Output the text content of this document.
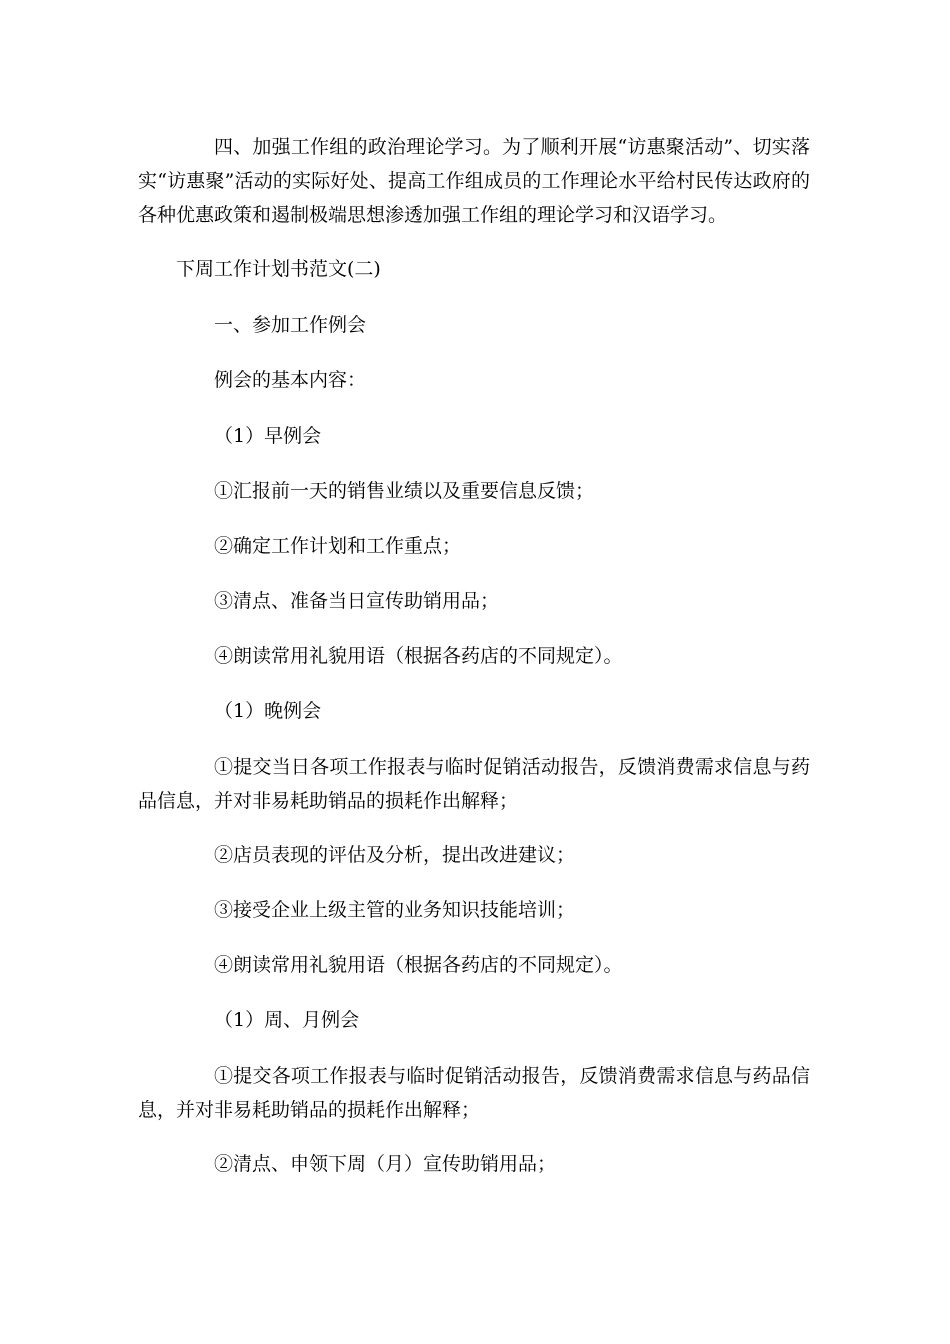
四、加强工作组的政治理论学习。为了顺利开展“访惠聚活动”、切实落实“访惠聚”活动的实际好处、提高工作组成员的工作理论水平给村民传达政府的各种优惠政策和遏制极端思想渗透加强工作组的理论学习和汉语学习。

下周工作计划书范文(二)

一、参加工作例会

例会的基本内容：

（1）早例会

①汇报前一天的销售业绩以及重要信息反馈；

②确定工作计划和工作重点；

③清点、准备当日宣传助销用品；

④朗读常用礼貌用语（根据各药店的不同规定）。

（1）晚例会

①提交当日各项工作报表与临时促销活动报告，反馈消费需求信息与药品信息，并对非易耗助销品的损耗作出解释；

②店员表现的评估及分析，提出改进建议；

③接受企业上级主管的业务知识技能培训；

④朗读常用礼貌用语（根据各药店的不同规定）。

（1）周、月例会

①提交各项工作报表与临时促销活动报告，反馈消费需求信息与药品信息，并对非易耗助销品的损耗作出解释；

②清点、申领下周（月）宣传助销用品；
